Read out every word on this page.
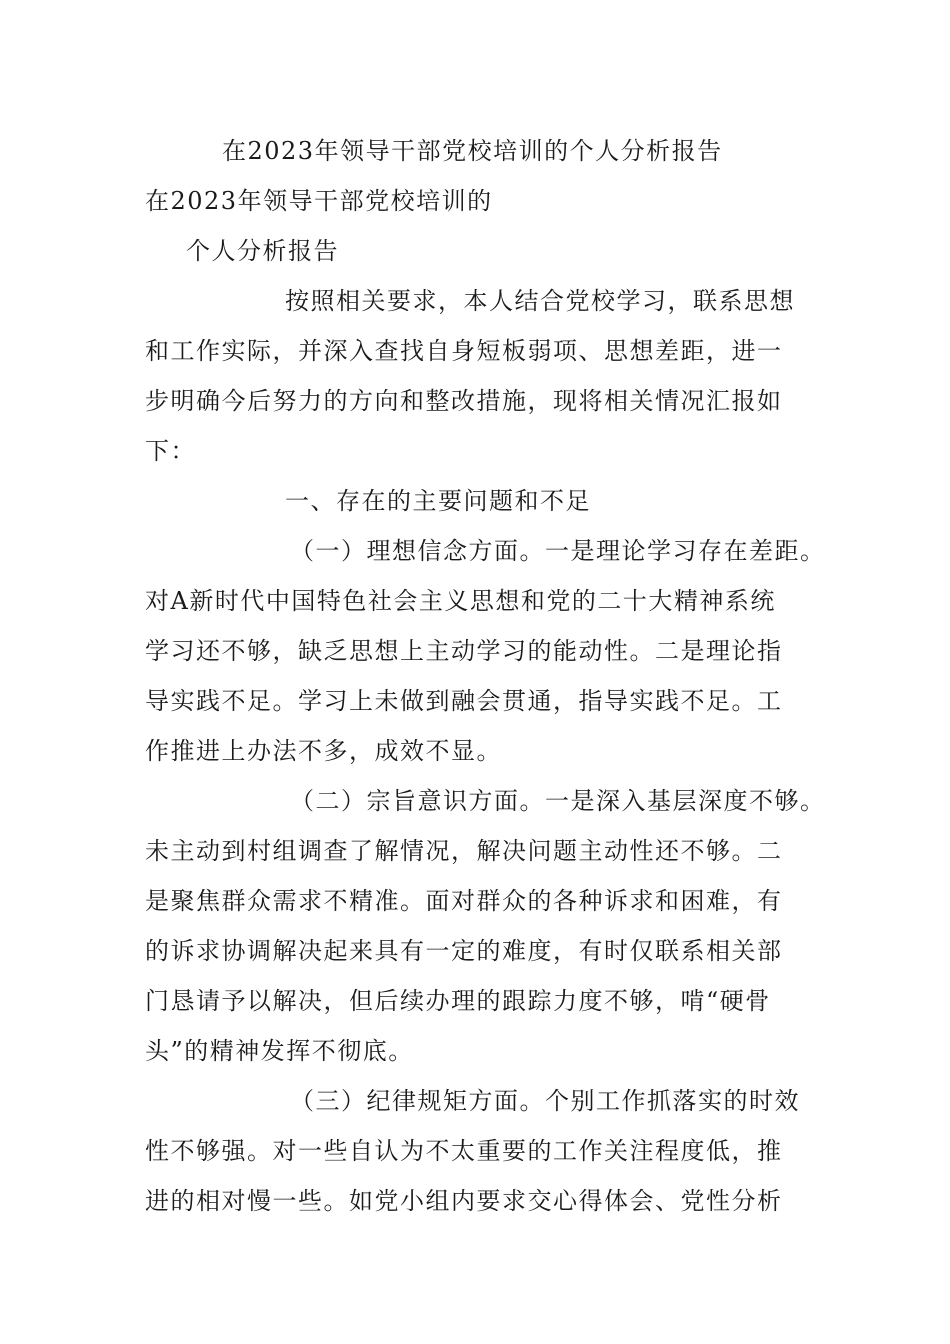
在2023年领导干部党校培训的个人分析报告
在2023年领导干部党校培训的
个人分析报告
按照相关要求，本人结合党校学习，联系思想
和工作实际，并深入查找自身短板弱项、思想差距，进一
步明确今后努力的方向和整改措施，现将相关情况汇报如
下：
一、存在的主要问题和不足
（一）理想信念方面。一是理论学习存在差距。
对A新时代中国特色社会主义思想和党的二十大精神系统
学习还不够，缺乏思想上主动学习的能动性。二是理论指
导实践不足。学习上未做到融会贯通，指导实践不足。工
作推进上办法不多，成效不显。
（二）宗旨意识方面。一是深入基层深度不够。
未主动到村组调查了解情况，解决问题主动性还不够。二
是聚焦群众需求不精准。面对群众的各种诉求和困难，有
的诉求协调解决起来具有一定的难度，有时仅联系相关部
门恳请予以解决，但后续办理的跟踪力度不够，啃“硬骨
头”的精神发挥不彻底。
（三）纪律规矩方面。个别工作抓落实的时效
性不够强。对一些自认为不太重要的工作关注程度低，推
进的相对慢一些。如党小组内要求交心得体会、党性分析
